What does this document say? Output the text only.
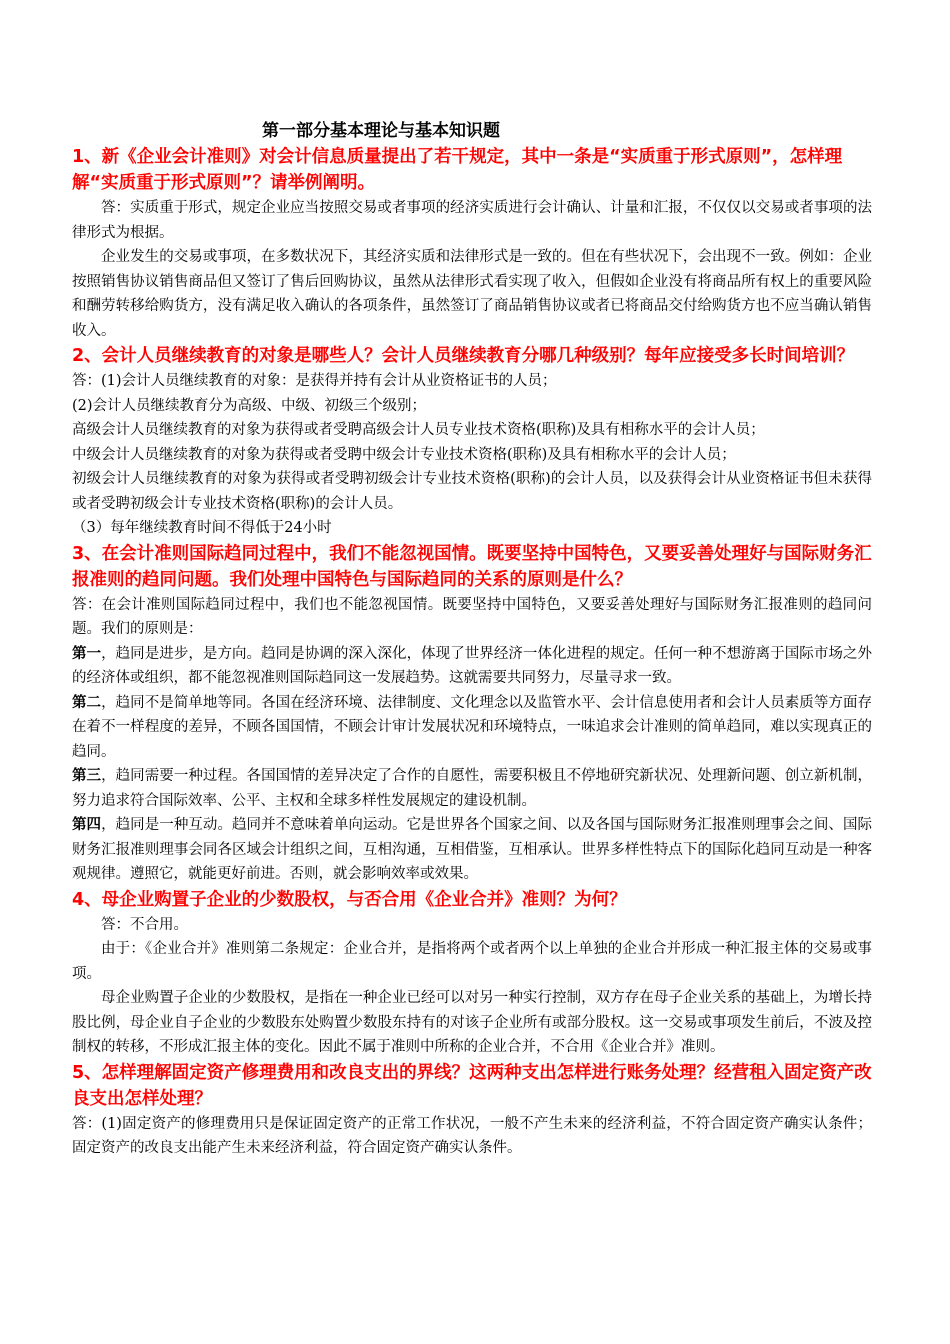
第一部分基本理论与基本知识题

1、新《企业会计准则》对会计信息质量提出了若干规定，其中一条是“实质重于形式原则”，怎样理解“实质重于形式原则”？请举例阐明。

答：实质重于形式，规定企业应当按照交易或者事项的经济实质进行会计确认、计量和汇报，不仅仅以交易或者事项的法律形式为根据。

企业发生的交易或事项，在多数状况下，其经济实质和法律形式是一致的。但在有些状况下，会出现不一致。例如：企业按照销售协议销售商品但又签订了售后回购协议，虽然从法律形式看实现了收入，但假如企业没有将商品所有权上的重要风险和酬劳转移给购货方，没有满足收入确认的各项条件，虽然签订了商品销售协议或者已将商品交付给购货方也不应当确认销售收入。

2、会计人员继续教育的对象是哪些人？会计人员继续教育分哪几种级别？每年应接受多长时间培训？

答：(1)会计人员继续教育的对象：是获得并持有会计从业资格证书的人员；

(2)会计人员继续教育分为高级、中级、初级三个级别；

高级会计人员继续教育的对象为获得或者受聘高级会计人员专业技术资格(职称)及具有相称水平的会计人员；

中级会计人员继续教育的对象为获得或者受聘中级会计专业技术资格(职称)及具有相称水平的会计人员；

初级会计人员继续教育的对象为获得或者受聘初级会计专业技术资格(职称)的会计人员，以及获得会计从业资格证书但未获得或者受聘初级会计专业技术资格(职称)的会计人员。

（3）每年继续教育时间不得低于24小时

3、在会计准则国际趋同过程中，我们不能忽视国情。既要坚持中国特色，又要妥善处理好与国际财务汇报准则的趋同问题。我们处理中国特色与国际趋同的关系的原则是什么？

答：在会计准则国际趋同过程中，我们也不能忽视国情。既要坚持中国特色，又要妥善处理好与国际财务汇报准则的趋同问题。我们的原则是：

第一，趋同是进步，是方向。趋同是协调的深入深化，体现了世界经济一体化进程的规定。任何一种不想游离于国际市场之外的经济体或组织，都不能忽视准则国际趋同这一发展趋势。这就需要共同努力，尽量寻求一致。

第二，趋同不是简单地等同。各国在经济环境、法律制度、文化理念以及监管水平、会计信息使用者和会计人员素质等方面存在着不一样程度的差异，不顾各国国情，不顾会计审计发展状况和环境特点，一味追求会计准则的简单趋同，难以实现真正的趋同。

第三，趋同需要一种过程。各国国情的差异决定了合作的自愿性，需要积极且不停地研究新状况、处理新问题、创立新机制，努力追求符合国际效率、公平、主权和全球多样性发展规定的建设机制。

第四，趋同是一种互动。趋同并不意味着单向运动。它是世界各个国家之间、以及各国与国际财务汇报准则理事会之间、国际财务汇报准则理事会同各区域会计组织之间，互相沟通，互相借鉴，互相承认。世界多样性特点下的国际化趋同互动是一种客观规律。遵照它，就能更好前进。否则，就会影响效率或效果。

4、母企业购置子企业的少数股权，与否合用《企业合并》准则？为何？

答：不合用。

由于：《企业合并》准则第二条规定：企业合并，是指将两个或者两个以上单独的企业合并形成一种汇报主体的交易或事项。

母企业购置子企业的少数股权，是指在一种企业已经可以对另一种实行控制，双方存在母子企业关系的基础上，为增长持股比例，母企业自子企业的少数股东处购置少数股东持有的对该子企业所有或部分股权。这一交易或事项发生前后，不波及控制权的转移，不形成汇报主体的变化。因此不属于准则中所称的企业合并，不合用《企业合并》准则。

5、怎样理解固定资产修理费用和改良支出的界线？这两种支出怎样进行账务处理？经营租入固定资产改良支出怎样处理？

答：(1)固定资产的修理费用只是保证固定资产的正常工作状况，一般不产生未来的经济利益，不符合固定资产确实认条件；固定资产的改良支出能产生未来经济利益，符合固定资产确实认条件。
